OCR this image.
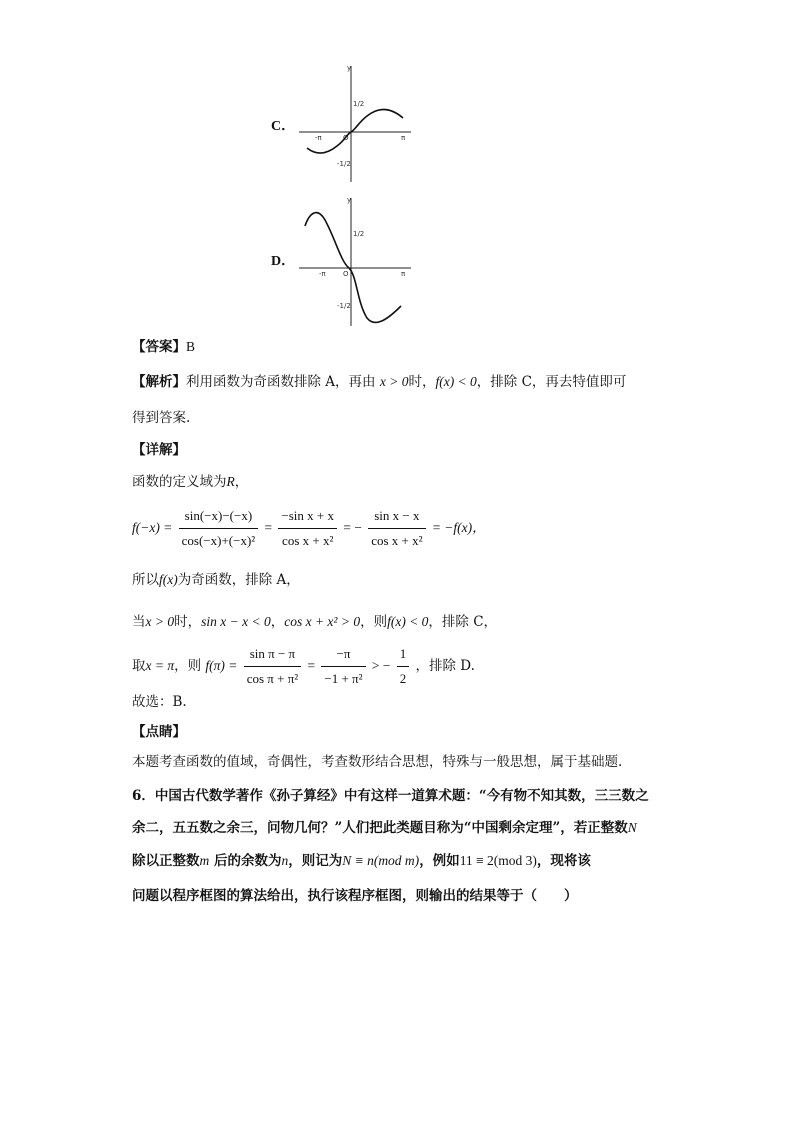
C．
y
O
-π	π
1/2
-1/2
D．
y
O
-π	π
1/2
-1/2
【答案】B
【解析】利用函数为奇函数排除 A，再由 x > 0时，f(x) < 0，排除 C，再去特值即可
得到答案.
【详解】
函数的定义域为R，
$f(-x) = \frac{\sin(-x)-(-x)}{\text{cos(−x)+(−x)²}} = \frac{\text{−sin x + x}}{\text{cos x + x²}}$ = − $\frac{\text{sin x − x}}{\text{cos x + x²}} = -f(x)$，
所以f(x)为奇函数，排除 A，
当x > 0时，sin x − x < 0，cos x + x² > 0，则f(x) < 0，排除 C，
取x = π，则 $f(\pi) = \frac{\text{sin π − π}}{\text{cos π + π²}} = \frac{-\pi}{\text{−1 + π²}}$ > − $\frac{1}{2}$ ，排除 D.
故选：B.
【点睛】
本题考查函数的值域，奇偶性，考查数形结合思想，特殊与一般思想，属于基础题.
6．中国古代数学著作《孙子算经》中有这样一道算术题：“今有物不知其数，三三数之
余二，五五数之余三，问物几何？”人们把此类题目称为“中国剩余定理”，若正整数N
除以正整数m 后的余数为n，则记为N ≡ n(mod m)，例如11 ≡ 2(mod 3)，现将该
问题以程序框图的算法给出，执行该程序框图，则输出的结果等于（　　）
